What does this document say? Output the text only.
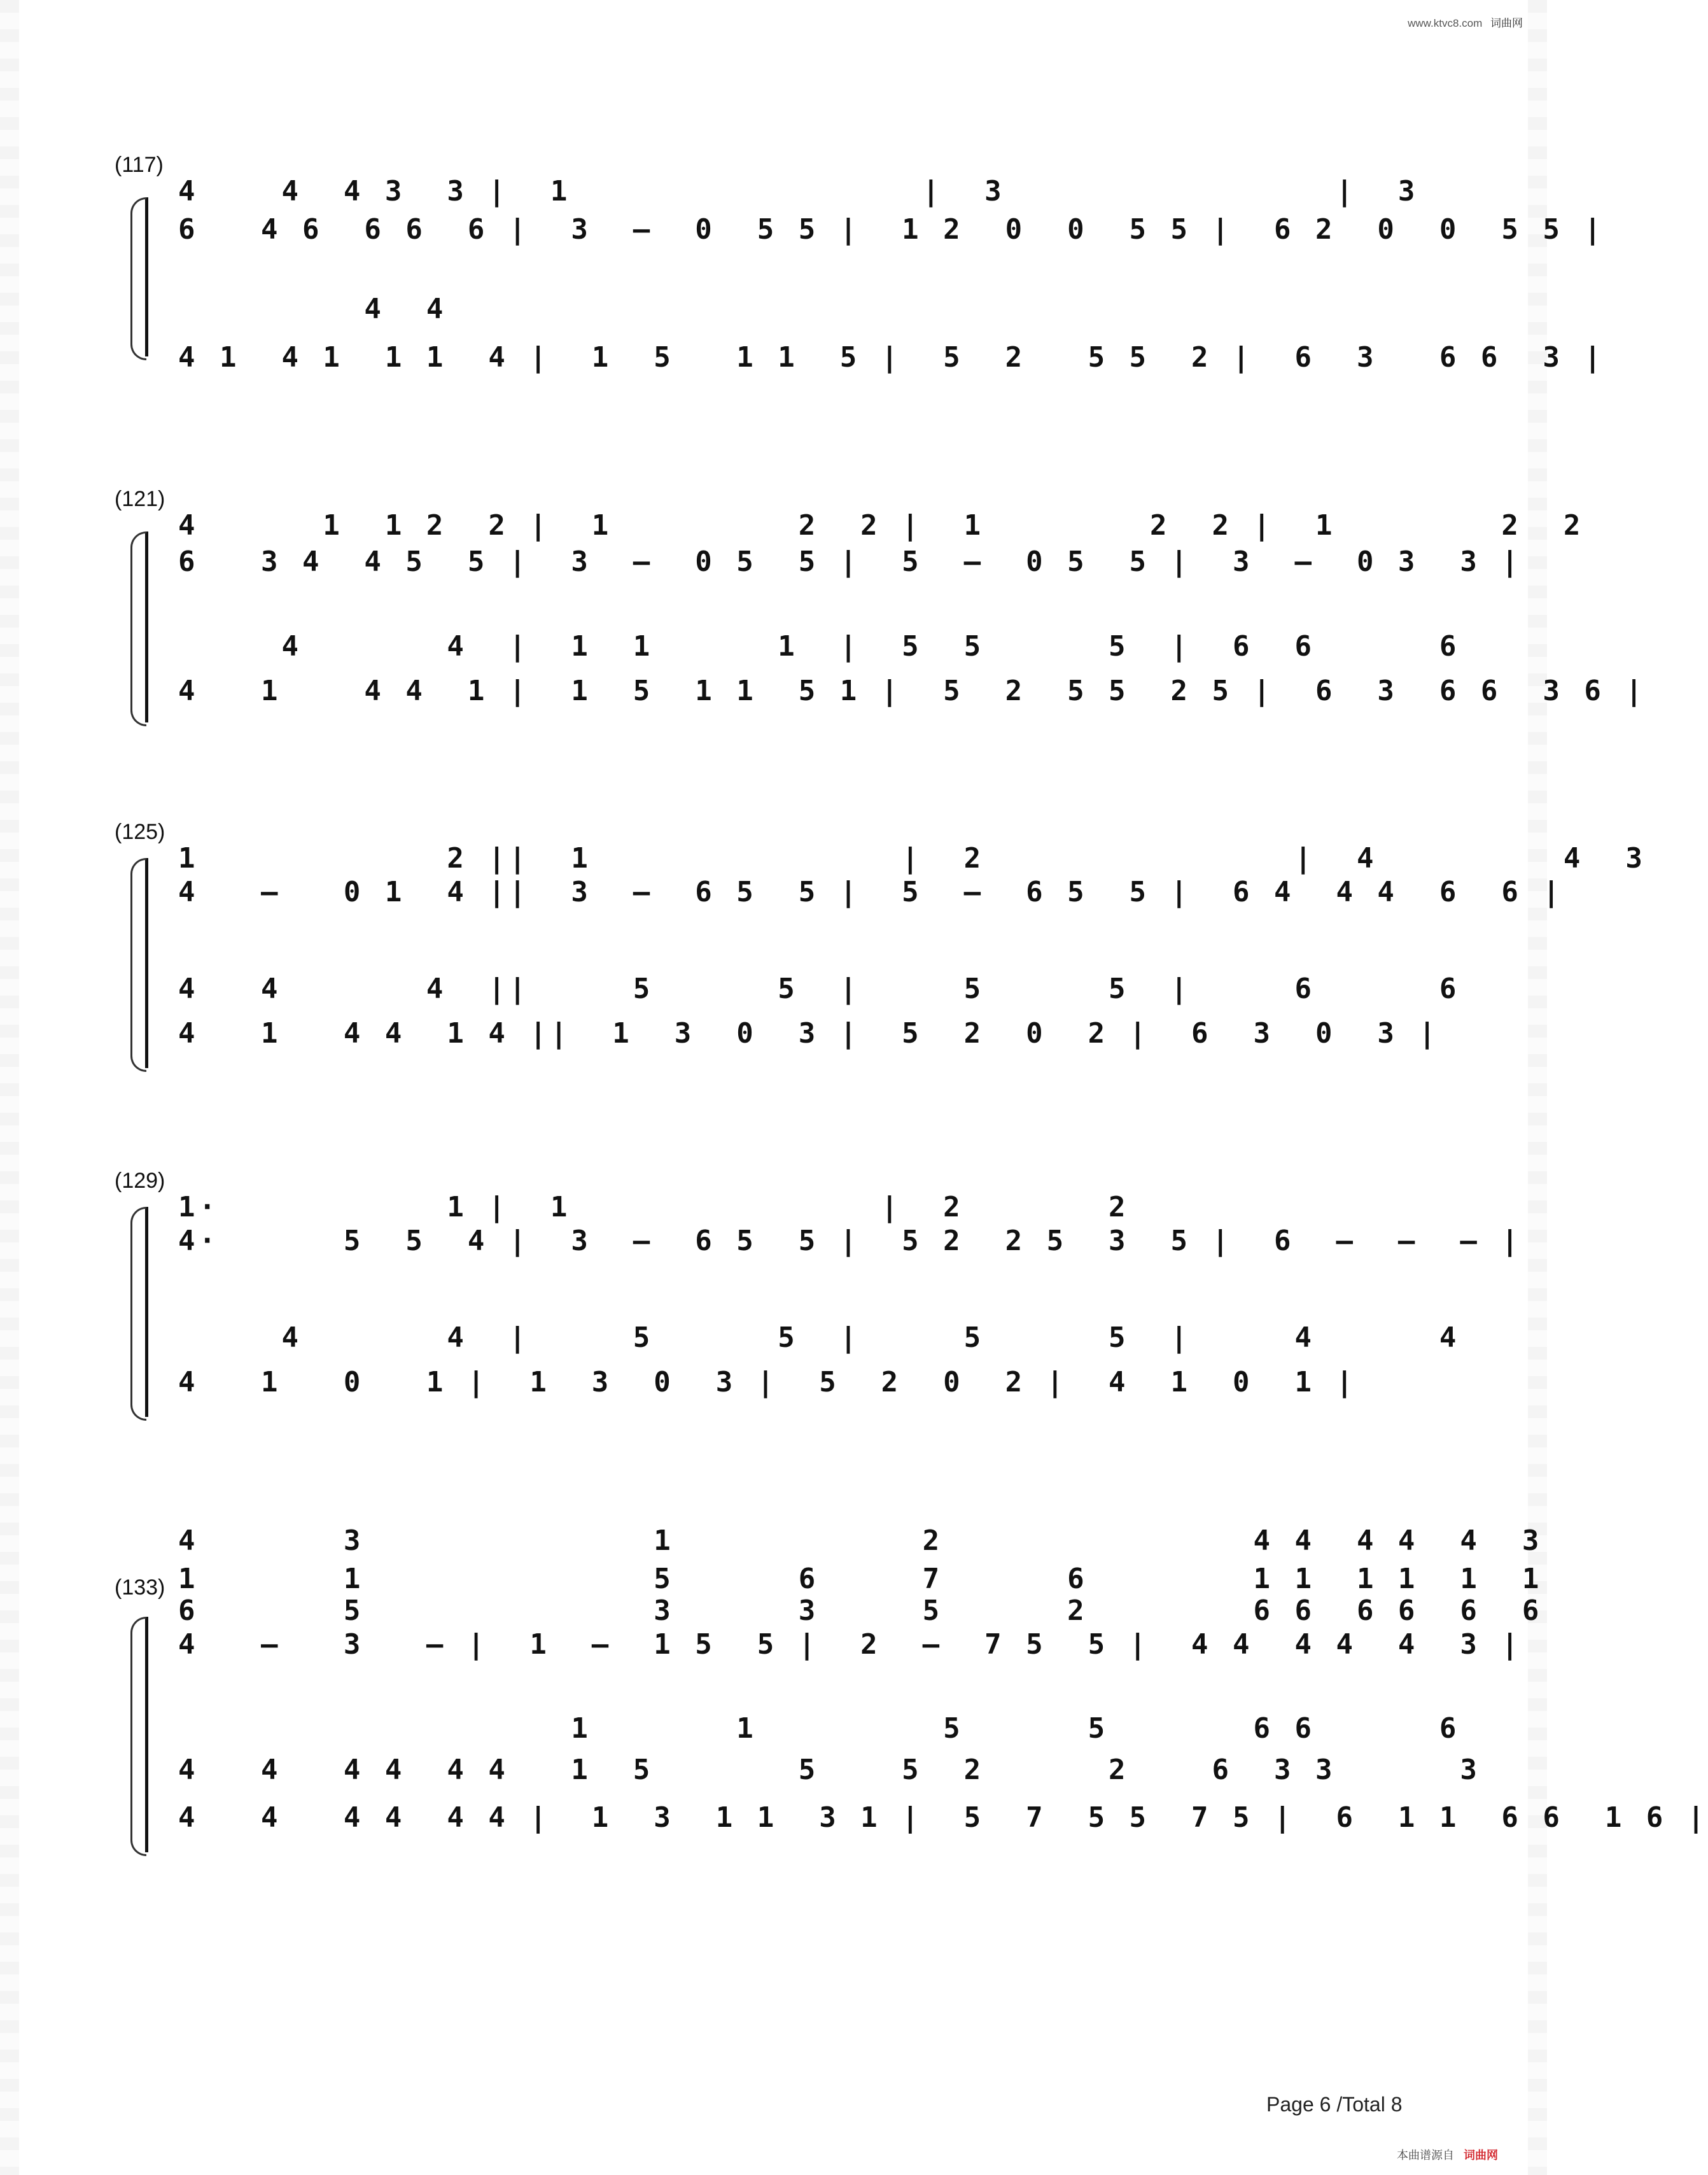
www.ktvc8.com 词曲网
(117)
4    4  4 3  3 |  1                 |  3                |  3
6   4 6  6 6  6 |  3  –  0  5 5 |  1 2  0  0  5 5 |  6 2  0  0  5 5 |
4  4
4 1  4 1  1 1  4 |  1  5   1 1  5 |  5  2   5 5  2 |  6  3   6 6  3 |
(121)
4      1  1 2  2 |  1         2  2 |  1        2  2 |  1        2  2
6   3 4  4 5  5 |  3  –  0 5  5 |  5  –  0 5  5 |  3  –  0 3  3 |
4       4  |  1  1      1  |  5  5      5  |  6  6      6
4   1    4 4  1 |  1  5  1 1  5 1 |  5  2  5 5  2 5 |  6  3  6 6  3 6 |
(125)
1            2 ||  1               |  2               |  4         4  3
4   –   0 1  4 ||  3  –  6 5  5 |  5  –  6 5  5 |  6 4  4 4  6  6 |
4   4       4  ||     5      5  |     5      5  |     6      6
4   1   4 4  1 4 ||  1  3  0  3 |  5  2  0  2 |  6  3  0  3 |
(129)
1·           1 |  1               |  2       2
4·      5  5  4 |  3  –  6 5  5 |  5 2  2 5  3  5 |  6  –  –  – |
4       4  |     5      5  |     5      5  |     4      4
4   1   0   1 |  1  3  0  3 |  5  2  0  2 |  4  1  0  1 |
(133)
4       3              1            2               4 4  4 4  4  3
1       1              5      6     7      6        1 1  1 1  1  1
6       5              3      3     5      2        6 6  6 6  6  6
4   –   3   – |  1  –  1 5  5 |  2  –  7 5  5 |  4 4  4 4  4  3 |
1       1         5      5       6 6      6
4   4   4 4  4 4   1  5       5    5  2      2    6  3 3      3
4   4   4 4  4 4 |  1  3  1 1  3 1 |  5  7  5 5  7 5 |  6  1 1  6 6  1 6 |
Page 6 /Total 8
本曲谱源自 词曲网
